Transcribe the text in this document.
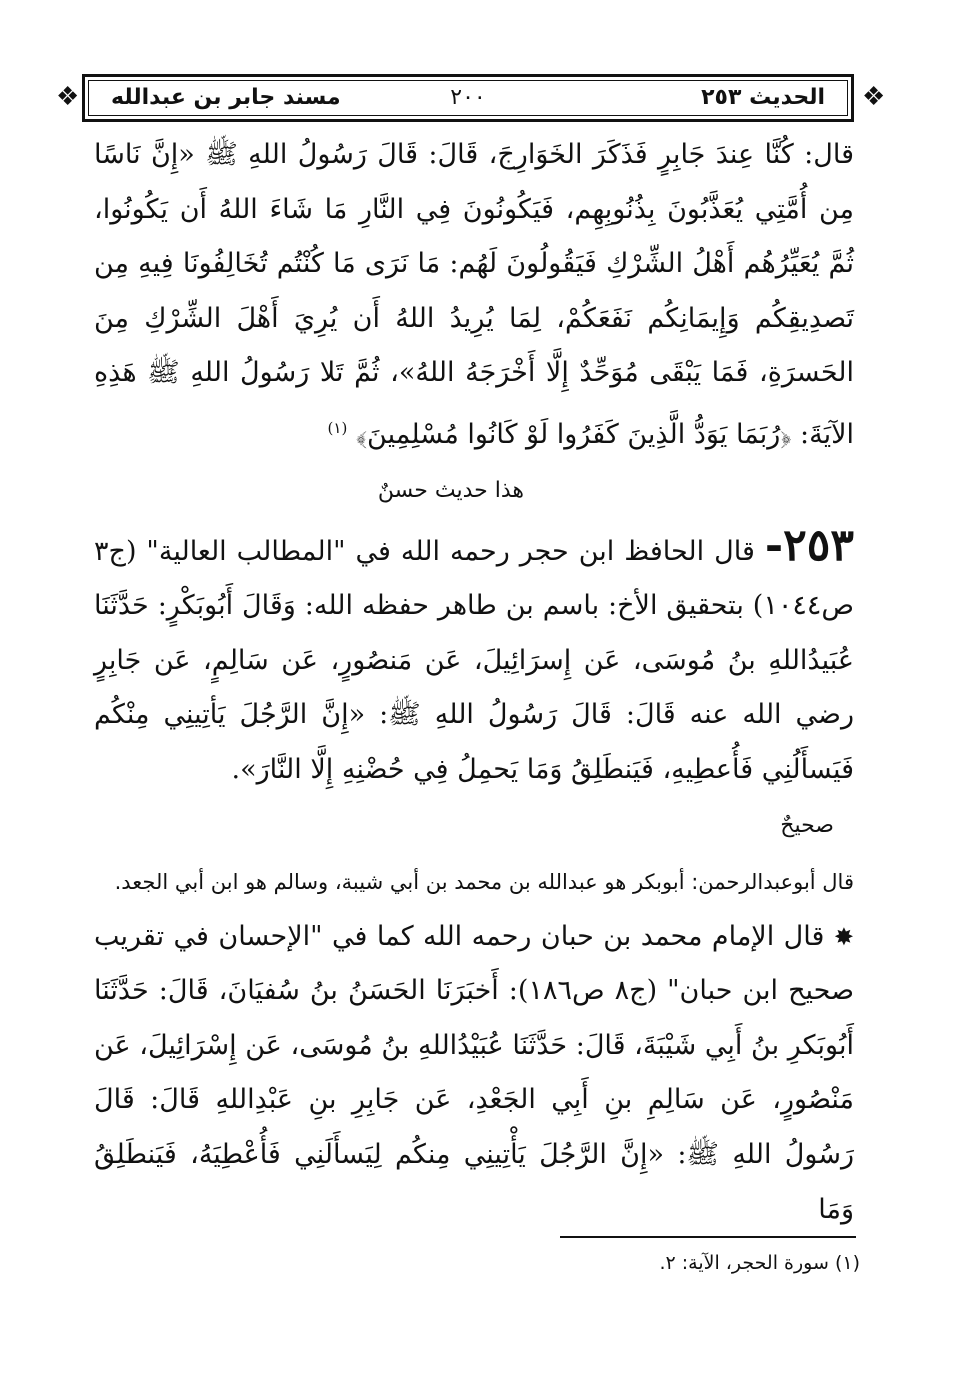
❖	❖
الحديث ٢٥٣
٢٠٠
مسند جابر بن عبدالله

قال: كُنَّا عِندَ جَابِرٍ فَذَكَرَ الخَوَارِجَ، قَالَ: قَالَ رَسُولُ اللهِ ﷺ «إِنَّ نَاسًا مِن أُمَّتِي يُعَذَّبُونَ بِذُنُوبِهِم، فَيَكُونُونَ فِي النَّارِ مَا شَاءَ اللهُ أَن يَكُونُوا، ثُمَّ يُعَيِّرُهُم أَهْلُ الشِّرْكِ فَيَقُولُونَ لَهُم: مَا نَرَى مَا كُنْتُم تُخَالِفُونَا فِيهِ مِن تَصدِيقِكُم وَإِيمَانِكُم نَفَعَكُمْ، لِمَا يُرِيدُ اللهُ أَن يُرِيَ أَهْلَ الشِّرْكِ مِنَ الحَسرَةِ، فَمَا يَبْقَى مُوَحِّدٌ إِلَّا أَخْرَجَهُ اللهُ»، ثُمَّ تَلا رَسُولُ اللهِ ﷺ هَذِهِ الآيَةَ: ﴿رُبَمَا يَوَدُّ الَّذِينَ كَفَرُوا لَوْ كَانُوا مُسْلِمِينَ﴾ $^{(١)}$

هذا حديث حسنٌ

٢٥٣- قال الحافظ ابن حجر رحمه الله في "المطالب العالية" (ج٣ ص١٠٤٤) بتحقيق الأخ: باسم بن طاهر حفظه الله: وَقَالَ أَبُوبَكْرٍ: حَدَّثَنَا عُبَيدُاللهِ بنُ مُوسَى، عَن إِسرَائِيلَ، عَن مَنصُورٍ، عَن سَالِمٍ، عَن جَابِرٍ رضي الله عنه قَالَ: قَالَ رَسُولُ اللهِ ﷺ: «إِنَّ الرَّجُلَ يَأتِينِي مِنْكُم فَيَسأَلُنِي فَأُعطِيهِ، فَيَنطَلِقُ وَمَا يَحمِلُ فِي حُضْنِهِ إِلَّا النَّارَ».

صحيحٌ

قال أبوعبدالرحمن: أبوبكر هو عبدالله بن محمد بن أبي شيبة، وسالم هو ابن أبي الجعد.

✸ قال الإمام محمد بن حبان رحمه الله كما في "الإحسان في تقريب صحيح ابن حبان" (ج٨ ص١٨٦): أَخبَرَنَا الحَسَنُ بنُ سُفيَانَ، قَالَ: حَدَّثَنَا أَبُوبَكرِ بنُ أَبِي شَيْبَةَ، قَالَ: حَدَّثَنَا عُبَيْدُاللهِ بنُ مُوسَى، عَن إِسْرَائِيلَ، عَن مَنْصُورٍ، عَن سَالِمِ بنِ أَبِي الجَعْدِ، عَن جَابِرِ بنِ عَبْدِاللهِ قَالَ: قَالَ رَسُولُ اللهِ ﷺ: «إِنَّ الرَّجُلَ يَأْتِينِي مِنكُم لِيَسأَلَنِي فَأُعْطِيَهُ، فَيَنطَلِقُ وَمَا

(١) سورة الحجر، الآية: ٢.
